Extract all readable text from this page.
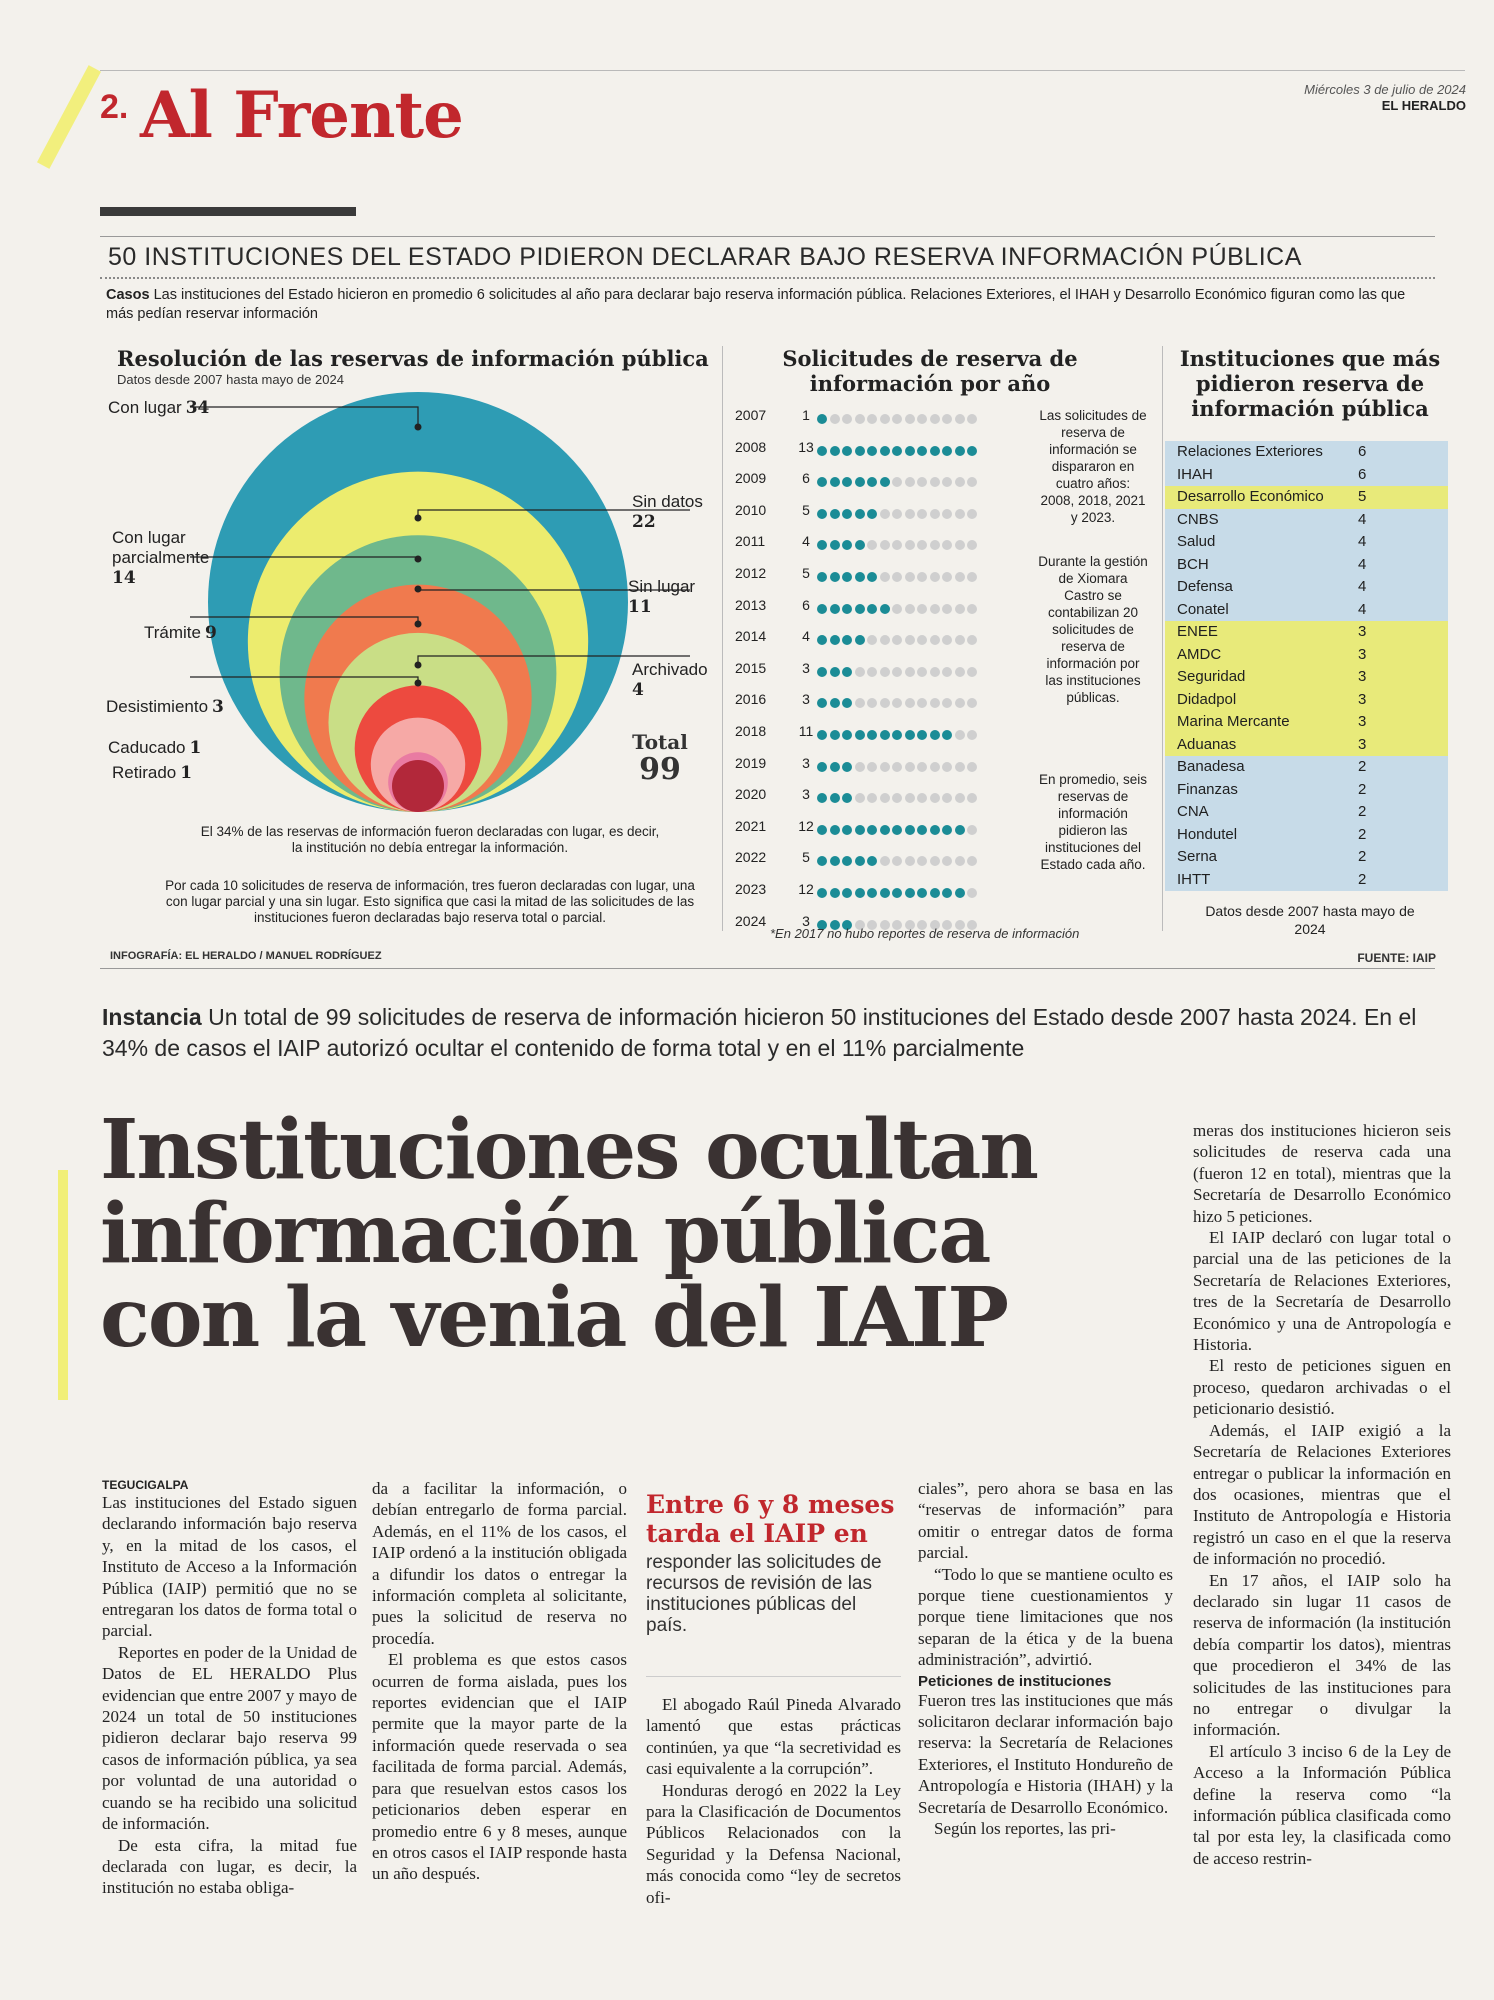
2. Al Frente	Miércoles 3 de julio de 2024
EL HERALDO
50 INSTITUCIONES DEL ESTADO PIDIERON DECLARAR BAJO RESERVA INFORMACIÓN PÚBLICA
Casos Las instituciones del Estado hicieron en promedio 6 solicitudes al año para declarar bajo reserva información pública. Relaciones Exteriores, el IHAH y Desarrollo Económico figuran como las que más pedían reservar información
Resolución de las reservas de información pública
Datos desde 2007 hasta mayo de 2024
Con lugar 34
Sin datos
22
Con lugar parcialmente
14	Sin lugar
11
Trámite 9
Archivado
4
Desistimiento 3
Caducado 1
Retirado 1
Total
99
El 34% de las reservas de información fueron declaradas con lugar, es decir, la institución no debía entregar la información.
Por cada 10 solicitudes de reserva de información, tres fueron declaradas con lugar, una con lugar parcial y una sin lugar. Esto significa que casi la mitad de las solicitudes de las instituciones fueron declaradas bajo reserva total o parcial.
Solicitudes de reserva de información por año
2007	1
2008	13
2009	6
2010	5
2011	4
2012	5
2013	6
2014	4
2015	3
2016	3
2018	11
2019	3
2020	3
2021	12
2022	5
2023	12
2024	3
Las solicitudes de reserva de información se dispararon en cuatro años: 2008, 2018, 2021 y 2023.
Durante la gestión de Xiomara Castro se contabilizan 20 solicitudes de reserva de información por las instituciones públicas.
En promedio, seis reservas de información pidieron las instituciones del Estado cada año.
*En 2017 no hubo reportes de reserva de información
Instituciones que más pidieron reserva de información pública
Relaciones Exteriores 6
IHAH	6
Desarrollo Económico 5
CNBS	4
Salud	4
BCH	4
Defensa	4
Conatel	4
ENEE	3
AMDC	3
Seguridad	3
Didadpol	3
Marina Mercante	3
Aduanas	3
Banadesa	2
Finanzas	2
CNA	2
Hondutel	2
Serna	2
IHTT	2
Datos desde 2007 hasta mayo de 2024
INFOGRAFÍA: EL HERALDO / MANUEL RODRÍGUEZ	FUENTE: IAIP
Instancia Un total de 99 solicitudes de reserva de información hicieron 50 instituciones del Estado desde 2007 hasta 2024. En el 34% de casos el IAIP autorizó ocultar el contenido de forma total y en el 11% parcialmente
Instituciones ocultan información pública con la venia del IAIP
TEGUCIGALPA

Las instituciones del Estado siguen declarando información bajo reserva y, en la mitad de los casos, el Instituto de Acceso a la Información Pública (IAIP) permitió que no se entregaran los datos de forma total o parcial.

Reportes en poder de la Unidad de Datos de EL HERALDO Plus evidencian que entre 2007 y mayo de 2024 un total de 50 instituciones pidieron declarar bajo reserva 99 casos de información pública, ya sea por voluntad de una autoridad o cuando se ha recibido una solicitud de información.

De esta cifra, la mitad fue declarada con lugar, es decir, la institución no estaba obliga-

da a facilitar la información, o debían entregarlo de forma parcial. Además, en el 11% de los casos, el IAIP ordenó a la institución obligada a difundir los datos o entregar la información completa al solicitante, pues la solicitud de reserva no procedía.

El problema es que estos casos ocurren de forma aislada, pues los reportes evidencian que el IAIP permite que la mayor parte de la información quede reservada o sea facilitada de forma parcial. Además, para que resuelvan estos casos los peticionarios deben esperar en promedio entre 6 y 8 meses, aunque en otros casos el IAIP responde hasta un año después.

Entre 6 y 8 meses tarda el IAIP en
responder las solicitudes de recursos de revisión de las instituciones públicas del país.

El abogado Raúl Pineda Alvarado lamentó que estas prácticas continúen, ya que “la secretividad es casi equivalente a la corrupción”.

Honduras derogó en 2022 la Ley para la Clasificación de Documentos Públicos Relacionados con la Seguridad y la Defensa Nacional, más conocida como “ley de secretos ofi-

ciales”, pero ahora se basa en las “reservas de información” para omitir o entregar datos de forma parcial.

“Todo lo que se mantiene oculto es porque tiene cuestionamientos y porque tiene limitaciones que nos separan de la ética y de la buena administración”, advirtió.

Peticiones de instituciones

Fueron tres las instituciones que más solicitaron declarar información bajo reserva: la Secretaría de Relaciones Exteriores, el Instituto Hondureño de Antropología e Historia (IHAH) y la Secretaría de Desarrollo Económico.

Según los reportes, las pri-

meras dos instituciones hicieron seis solicitudes de reserva cada una (fueron 12 en total), mientras que la Secretaría de Desarrollo Económico hizo 5 peticiones.

El IAIP declaró con lugar total o parcial una de las peticiones de la Secretaría de Relaciones Exteriores, tres de la Secretaría de Desarrollo Económico y una de Antropología e Historia.

El resto de peticiones siguen en proceso, quedaron archivadas o el peticionario desistió.

Además, el IAIP exigió a la Secretaría de Relaciones Exteriores entregar o publicar la información en dos ocasiones, mientras que el Instituto de Antropología e Historia registró un caso en el que la reserva de información no procedió.

En 17 años, el IAIP solo ha declarado sin lugar 11 casos de reserva de información (la institución debía compartir los datos), mientras que procedieron el 34% de las solicitudes de las instituciones para no entregar o divulgar la información.

El artículo 3 inciso 6 de la Ley de Acceso a la Información Pública define la reserva como “la información pública clasificada como tal por esta ley, la clasificada como de acceso restrin-
